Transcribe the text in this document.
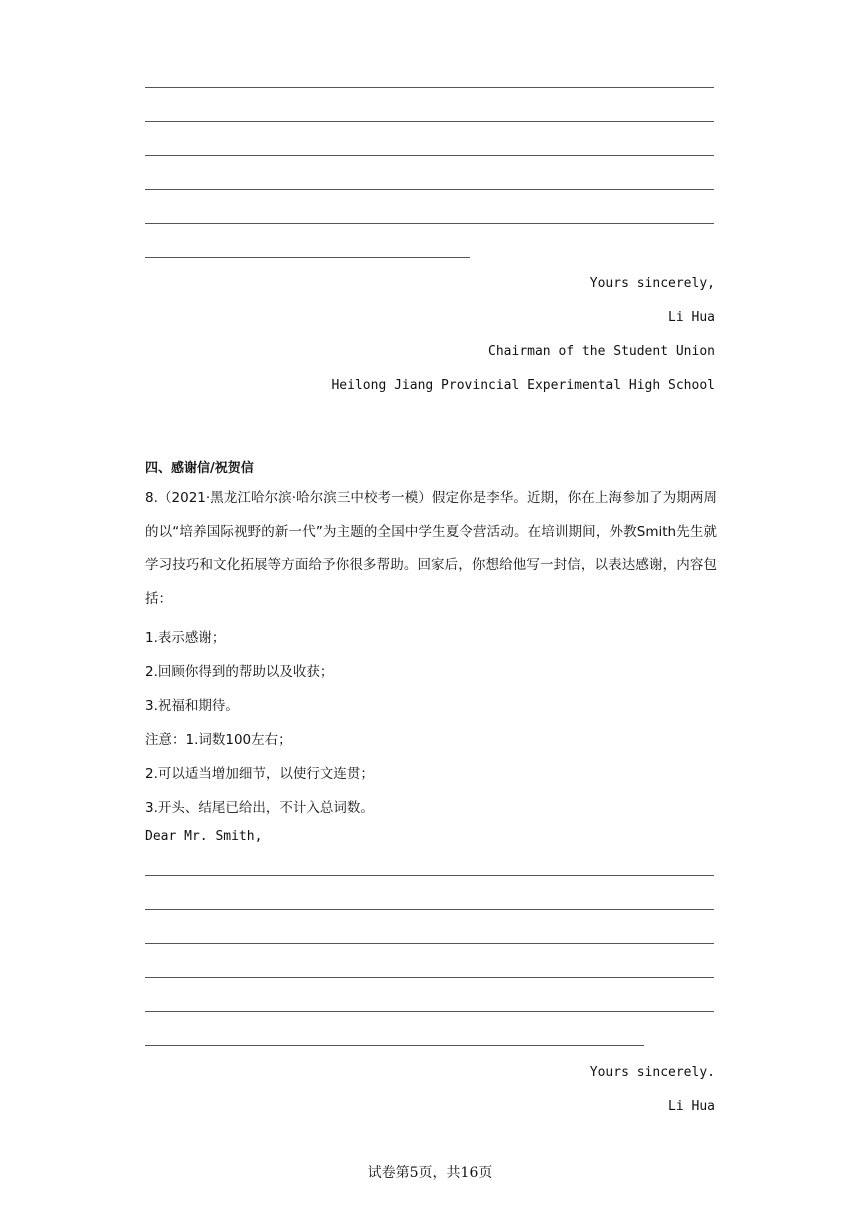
Yours sincerely,
Li Hua
Chairman of the Student Union
Heilong Jiang Provincial Experimental High School
四、感谢信/祝贺信
8.（2021·黑龙江哈尔滨·哈尔滨三中校考一模）假定你是李华。近期，你在上海参加了为期两周的以“培养国际视野的新一代”为主题的全国中学生夏令营活动。在培训期间，外教Smith先生就学习技巧和文化拓展等方面给予你很多帮助。回家后，你想给他写一封信，以表达感谢，内容包括：
1.表示感谢；
2.回顾你得到的帮助以及收获；
3.祝福和期待。
注意：1.词数100左右；
2.可以适当增加细节，以使行文连贯；
3.开头、结尾已给出，不计入总词数。
Dear Mr. Smith,
Yours sincerely.
Li Hua
试卷第5页，共16页
